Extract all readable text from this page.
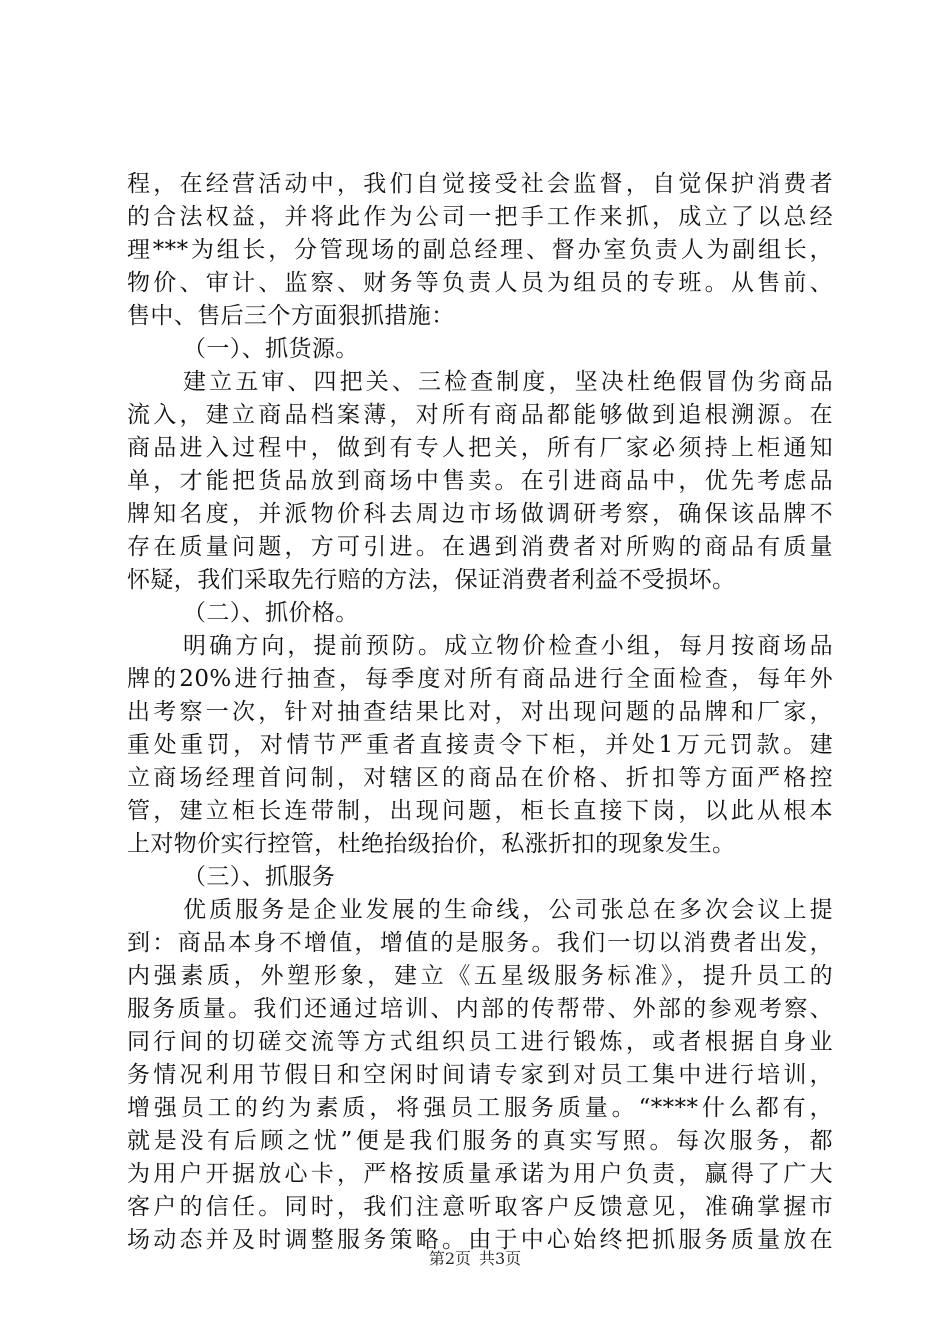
程，在经营活动中，我们自觉接受社会监督，自觉保护消费者
的合法权益，并将此作为公司一把手工作来抓，成立了以总经
理***为组长，分管现场的副总经理、督办室负责人为副组长，
物价、审计、监察、财务等负责人员为组员的专班。从售前、
售中、售后三个方面狠抓措施：
（一）、抓货源。
建立五审、四把关、三检查制度，坚决杜绝假冒伪劣商品
流入，建立商品档案薄，对所有商品都能够做到追根溯源。在
商品进入过程中，做到有专人把关，所有厂家必须持上柜通知
单，才能把货品放到商场中售卖。在引进商品中，优先考虑品
牌知名度，并派物价科去周边市场做调研考察，确保该品牌不
存在质量问题，方可引进。在遇到消费者对所购的商品有质量
怀疑，我们采取先行赔的方法，保证消费者利益不受损坏。
（二）、抓价格。
明确方向，提前预防。成立物价检查小组，每月按商场品
牌的20%进行抽查，每季度对所有商品进行全面检查，每年外
出考察一次，针对抽查结果比对，对出现问题的品牌和厂家，
重处重罚，对情节严重者直接责令下柜，并处1万元罚款。建
立商场经理首问制，对辖区的商品在价格、折扣等方面严格控
管，建立柜长连带制，出现问题，柜长直接下岗，以此从根本
上对物价实行控管，杜绝抬级抬价，私涨折扣的现象发生。
（三）、抓服务
优质服务是企业发展的生命线，公司张总在多次会议上提
到：商品本身不增值，增值的是服务。我们一切以消费者出发，
内强素质，外塑形象，建立《五星级服务标准》，提升员工的
服务质量。我们还通过培训、内部的传帮带、外部的参观考察、
同行间的切磋交流等方式组织员工进行锻炼，或者根据自身业
务情况利用节假日和空闲时间请专家到对员工集中进行培训，
增强员工的约为素质，将强员工服务质量。“****什么都有，
就是没有后顾之忧”便是我们服务的真实写照。每次服务，都
为用户开据放心卡，严格按质量承诺为用户负责，赢得了广大
客户的信任。同时，我们注意听取客户反馈意见，准确掌握市
场动态并及时调整服务策略。由于中心始终把抓服务质量放在
第2页 共3页
